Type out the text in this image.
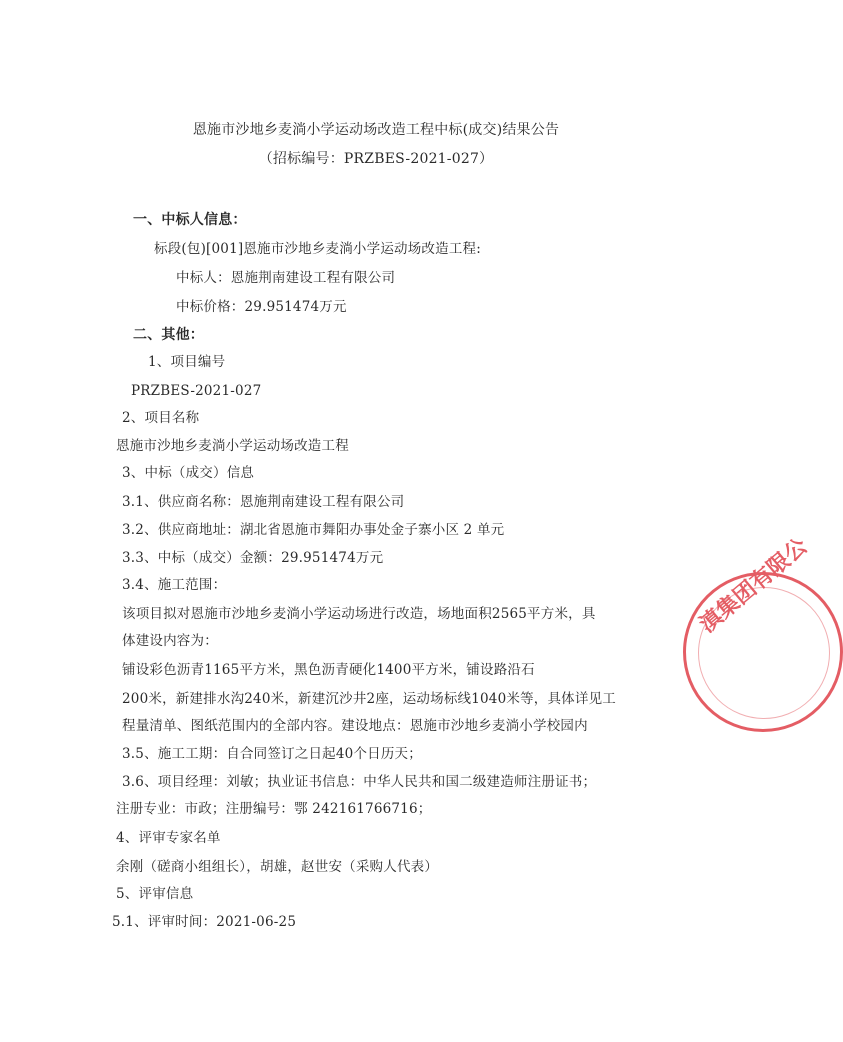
恩施市沙地乡麦淌小学运动场改造工程中标(成交)结果公告
（招标编号：PRZBES-2021-027）
一、中标人信息：
标段(包)[001]恩施市沙地乡麦淌小学运动场改造工程:
中标人：恩施荆南建设工程有限公司
中标价格：29.951474万元
二、其他：
1、项目编号
PRZBES-2021-027
2、项目名称
恩施市沙地乡麦淌小学运动场改造工程
3、中标（成交）信息
3.1、供应商名称：恩施荆南建设工程有限公司
3.2、供应商地址：湖北省恩施市舞阳办事处金子寨小区 2 单元
3.3、中标（成交）金额：29.951474万元
3.4、施工范围：
该项目拟对恩施市沙地乡麦淌小学运动场进行改造，场地面积2565平方米，具
体建设内容为：
铺设彩色沥青1165平方米，黑色沥青硬化1400平方米，铺设路沿石
200米，新建排水沟240米，新建沉沙井2座，运动场标线1040米等，具体详见工
程量清单、图纸范围内的全部内容。建设地点：恩施市沙地乡麦淌小学校园内
3.5、施工工期：自合同签订之日起40个日历天；
3.6、项目经理：刘敏；执业证书信息：中华人民共和国二级建造师注册证书；
注册专业：市政；注册编号：鄂 242161766716；
4、评审专家名单
余刚（磋商小组组长），胡雄，赵世安（采购人代表）
5、评审信息
5.1、评审时间：2021-06-25
滇集团有限公
